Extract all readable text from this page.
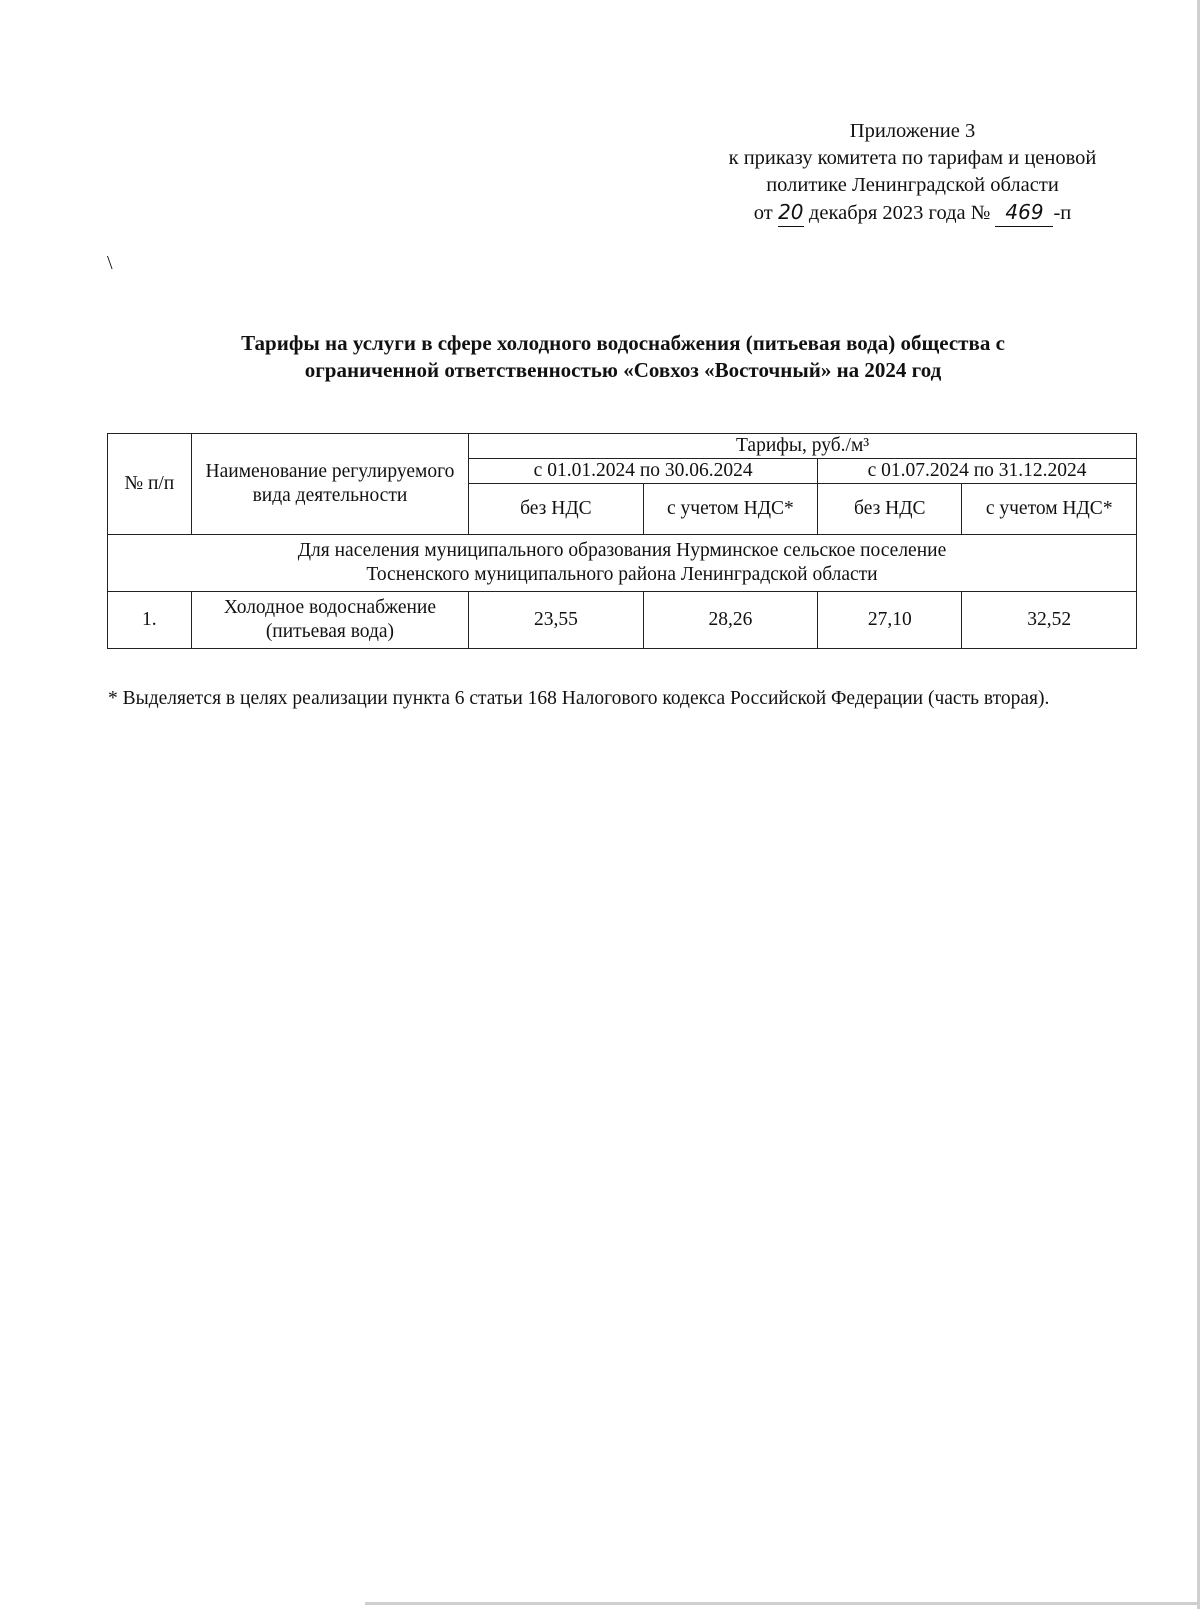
\
Приложение 3
к приказу комитета по тарифам и ценовой
политике Ленинградской области
от 20 декабря 2023 года № 469 -п
Тарифы на услуги в сфере холодного водоснабжения (питьевая вода) общества с
ограниченной ответственностью «Совхоз «Восточный» на 2024 год
№ п/п	Наименование регулируемого вида деятельности	Тарифы, руб./м³			
		с 01.01.2024 по 30.06.2024		с 01.07.2024 по 31.12.2024	
		без НДС	с учетом НДС*	без НДС	с учетом НДС*

Для населения муниципального образования Нурминское сельское поселение
Тосненского муниципального района Ленинградской области					

1.	Холодное водоснабжение (питьевая вода)	23,55	28,26	27,10	32,52
* Выделяется в целях реализации пункта 6 статьи 168 Налогового кодекса Российской Федерации (часть вторая).
